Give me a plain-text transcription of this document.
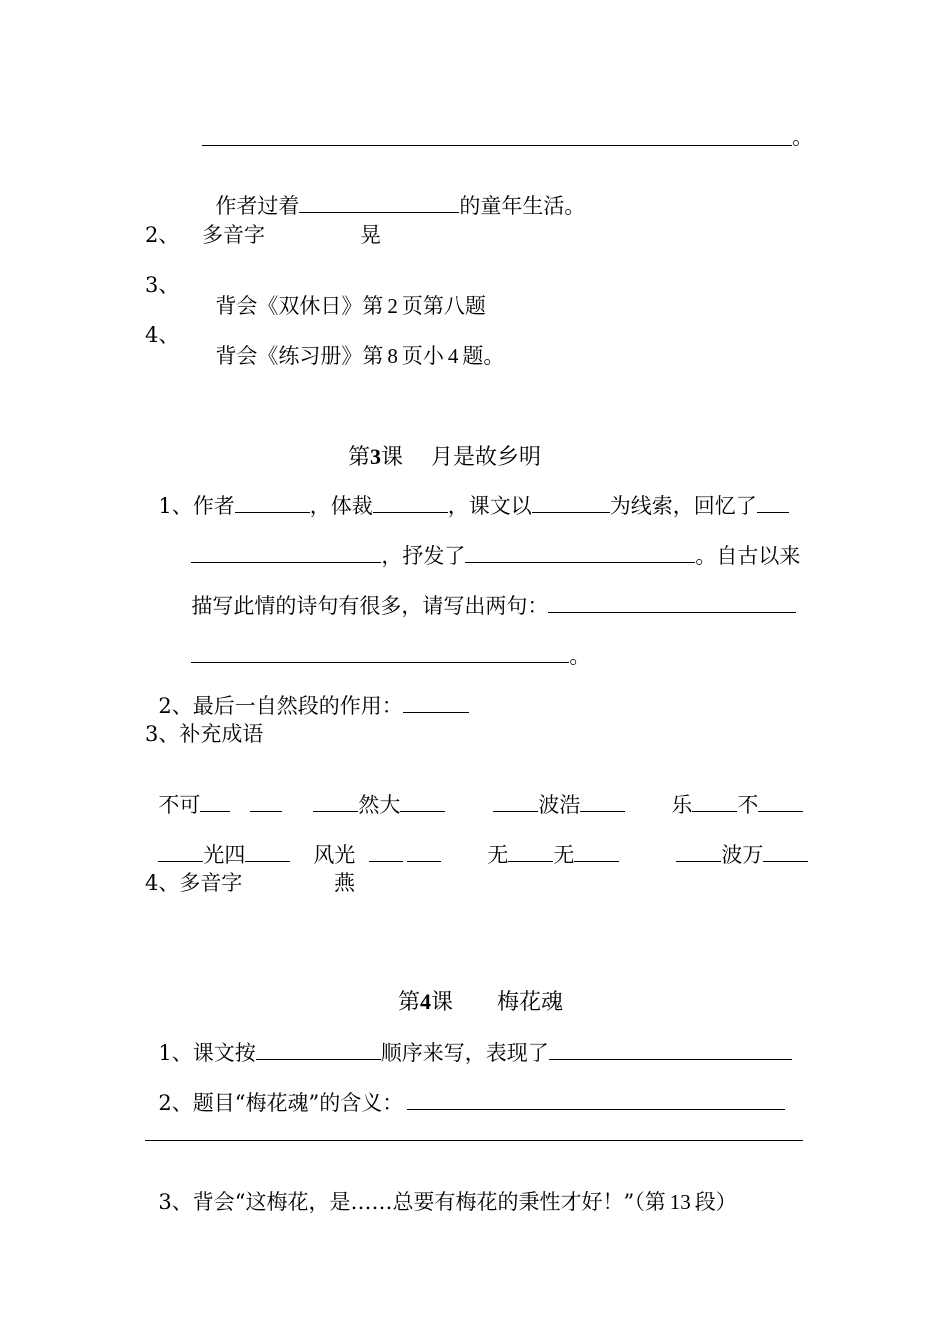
。

作者过着	的童年生活。

2、 多音字	晃
3、

背会《双休日》第 2 页第八题

4、

背会《练习册》第 8 页小 4 题。

第3课 月是故乡明

1、作者	，体裁	，课文以	为线索，回忆了

，抒发了	。自古以来

描写此情的诗句有很多，请写出两句：

。

2、最后一自然段的作用：

3、补充成语

不可	然大	波浩	乐 不

光四	风光	无 无	波万

4、多音字	燕

第4课 梅花魂

1、课文按	顺序来写，表现了

2、题目“梅花魂”的含义：

3、背会“这梅花，是……总要有梅花的秉性才好！”（第 13 段）
